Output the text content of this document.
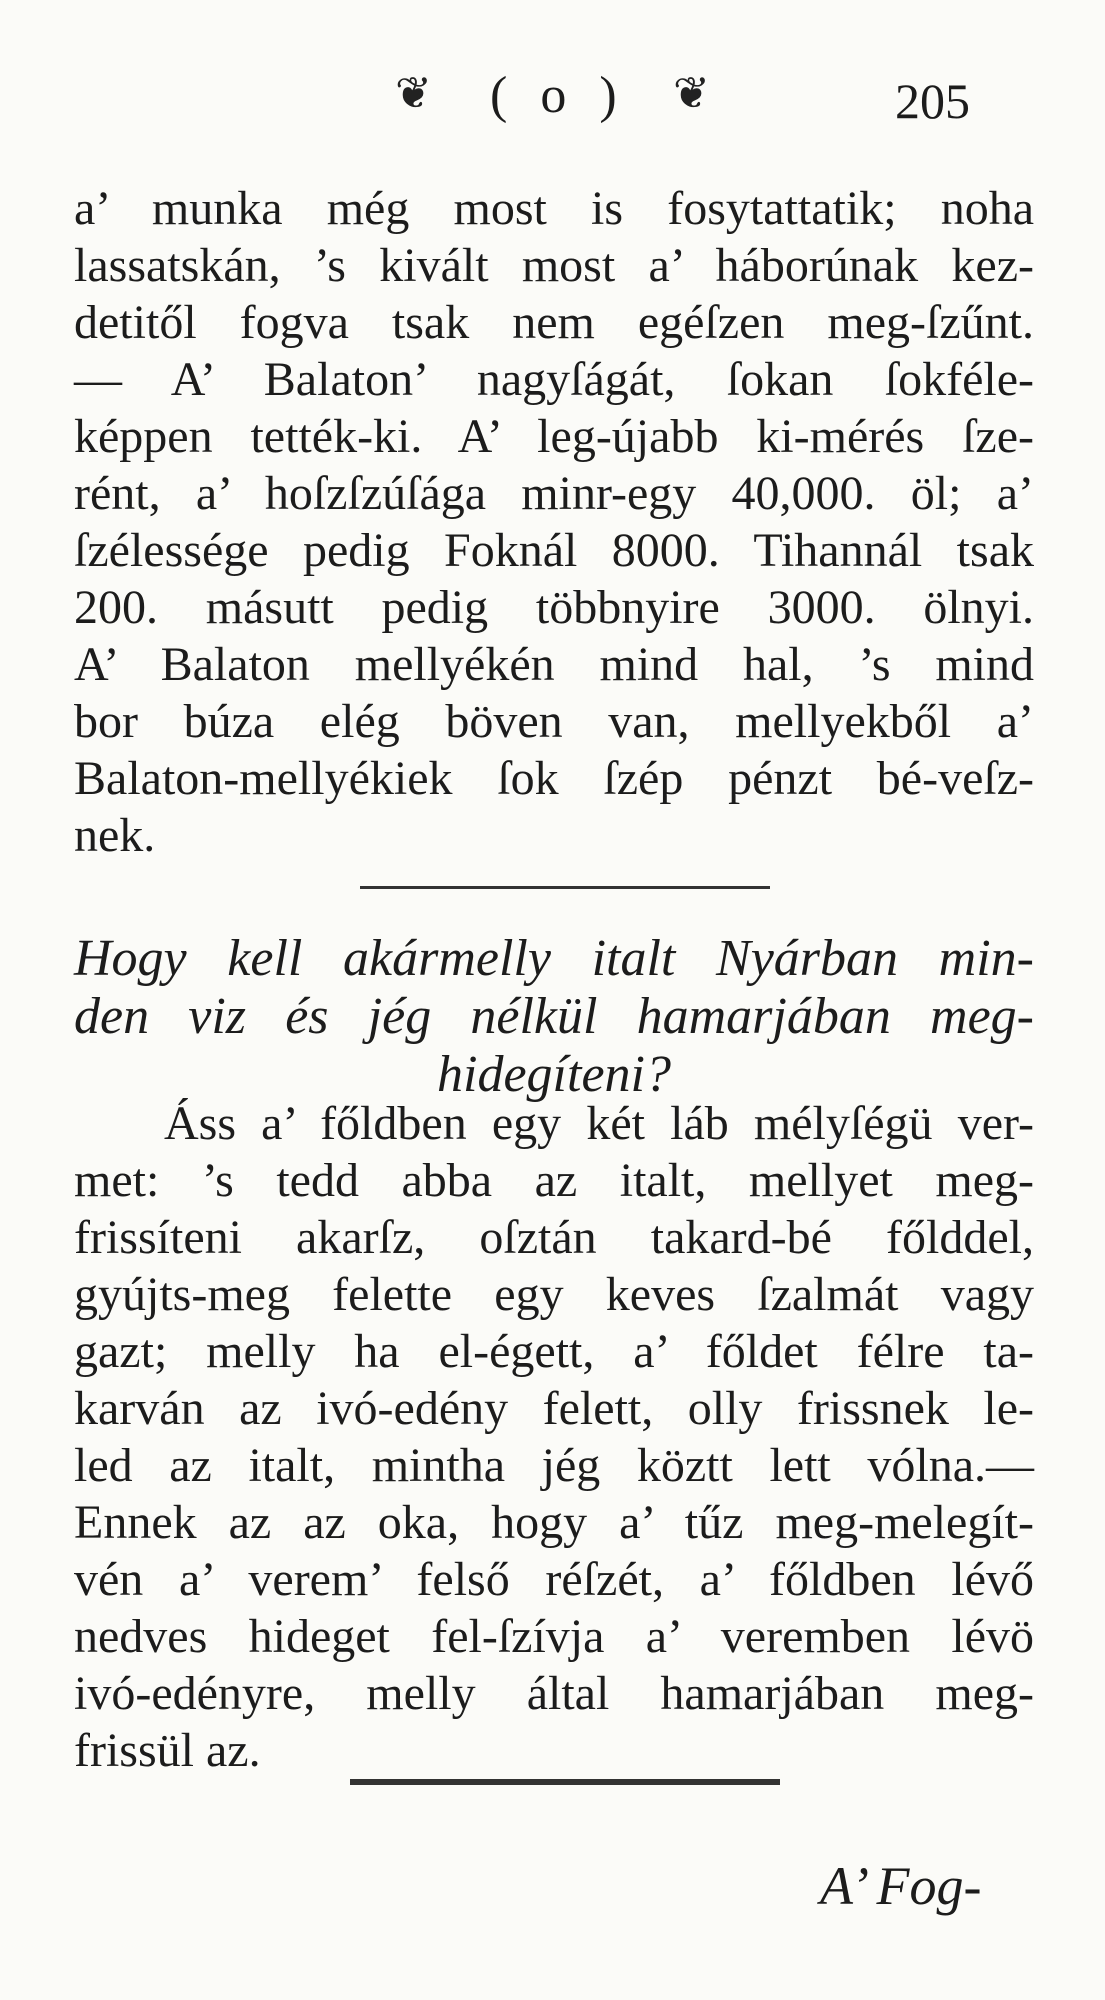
❦ ( o ) ❦	205
a’ munka még most is fosytattatik; noha
lassatskán, ’s kivált most a’ háborúnak kez-
detitől fogva tsak nem egéſzen meg-ſzűnt.
— A’ Balaton’ nagyſágát, ſokan ſokféle-
képpen tették-ki. A’ leg-újabb ki-mérés ſze-
rént, a’ hoſzſzúſága minr-egy 40,000. öl; a’
ſzélessége pedig Foknál 8000. Tihannál tsak
200. másutt pedig többnyire 3000. ölnyi.
A’ Balaton mellyékén mind hal, ’s mind
bor búza elég böven van, mellyekből a’
Balaton-mellyékiek ſok ſzép pénzt bé-veſz-
nek.
Hogy kell akármelly italt Nyárban min-
den viz és jég nélkül hamarjában meg-
hidegíteni?
Áss a’ főldben egy két láb mélyſégü ver-
met: ’s tedd abba az italt, mellyet meg-
frissíteni akarſz, oſztán takard-bé főlddel,
gyújts-meg felette egy keves ſzalmát vagy
gazt; melly ha el-égett, a’ főldet félre ta-
karván az ivó-edény felett, olly frissnek le-
led az italt, mintha jég köztt lett vólna.—
Ennek az az oka, hogy a’ tűz meg-melegít-
vén a’ verem’ felső réſzét, a’ főldben lévő
nedves hideget fel-ſzívja a’ veremben lévö
ivó-edényre, melly által hamarjában meg-
frissül az.
A’ Fog-
